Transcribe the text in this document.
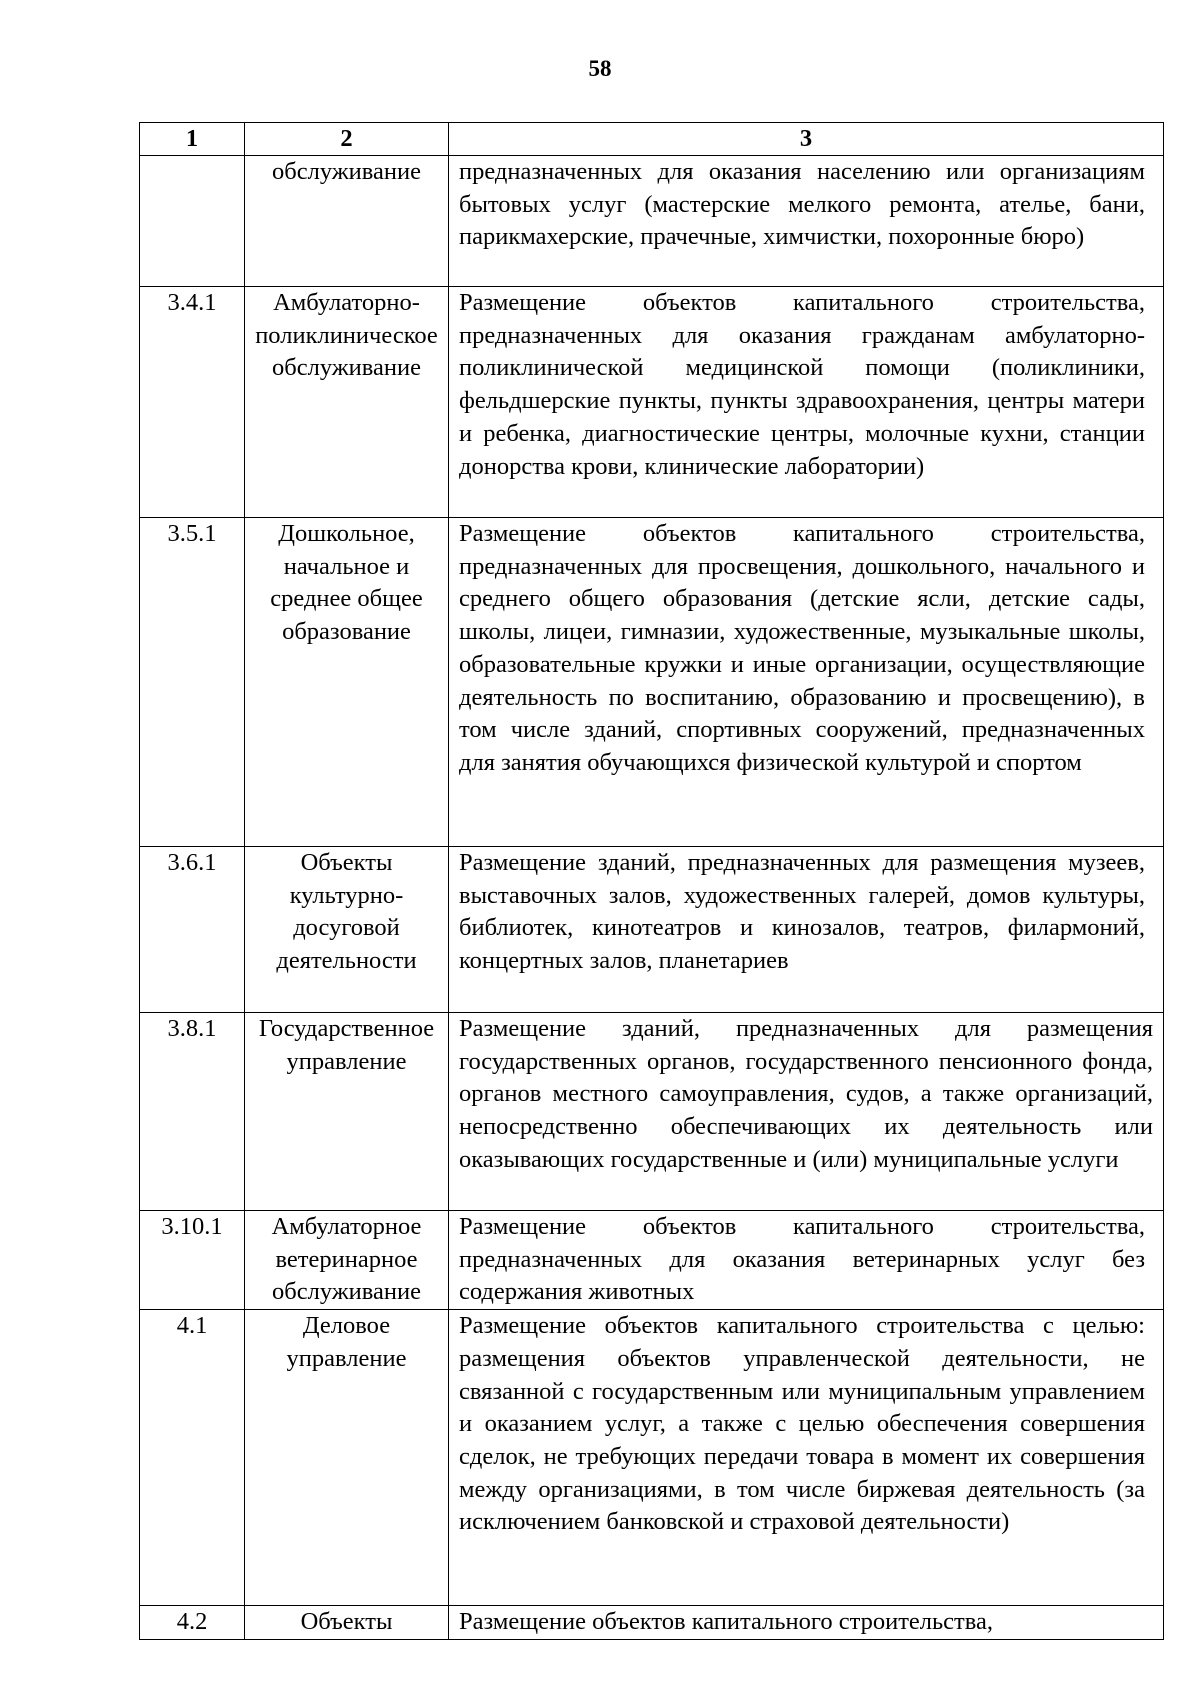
58
1	2	3
	обслуживание	предназначенных для оказания населению или организациям бытовых услуг (мастерские мелкого ремонта, ателье, бани, парикмахерские, прачечные, химчистки, похоронные бюро)
3.4.1	Амбулаторно-поликлиническое обслуживание	Размещение объектов капитального строительства, предназначенных для оказания гражданам амбулаторно-поликлинической медицинской помощи (поликлиники, фельдшерские пункты, пункты здравоохранения, центры матери и ребенка, диагностические центры, молочные кухни, станции донорства крови, клинические лаборатории)
3.5.1	Дошкольное, начальное и среднее общее образование	Размещение объектов капитального строительства, предназначенных для просвещения, дошкольного, начального и среднего общего образования (детские ясли, детские сады, школы, лицеи, гимназии, художественные, музыкальные школы, образовательные кружки и иные организации, осуществляющие деятельность по воспитанию, образованию и просвещению), в том числе зданий, спортивных сооружений, предназначенных для занятия обучающихся физической культурой и спортом
3.6.1	Объекты культурно-досуговой деятельности	Размещение зданий, предназначенных для размещения музеев, выставочных залов, художественных галерей, домов культуры, библиотек, кинотеатров и кинозалов, театров, филармоний, концертных залов, планетариев
3.8.1	Государственное управление	Размещение зданий, предназначенных для размещения государственных органов, государственного пенсионного фонда, органов местного самоуправления, судов, а также организаций, непосредственно обеспечивающих их деятельность или оказывающих государственные и (или) муниципальные услуги
3.10.1	Амбулаторное ветеринарное обслуживание	Размещение объектов капитального строительства, предназначенных для оказания ветеринарных услуг без содержания животных
4.1	Деловое управление	Размещение объектов капитального строительства с целью: размещения объектов управленческой деятельности, не связанной с государственным или муниципальным управлением и оказанием услуг, а также с целью обеспечения совершения сделок, не требующих передачи товара в момент их совершения между организациями, в том числе биржевая деятельность (за исключением банковской и страховой деятельности)
4.2	Объекты	Размещение объектов капитального строительства,
